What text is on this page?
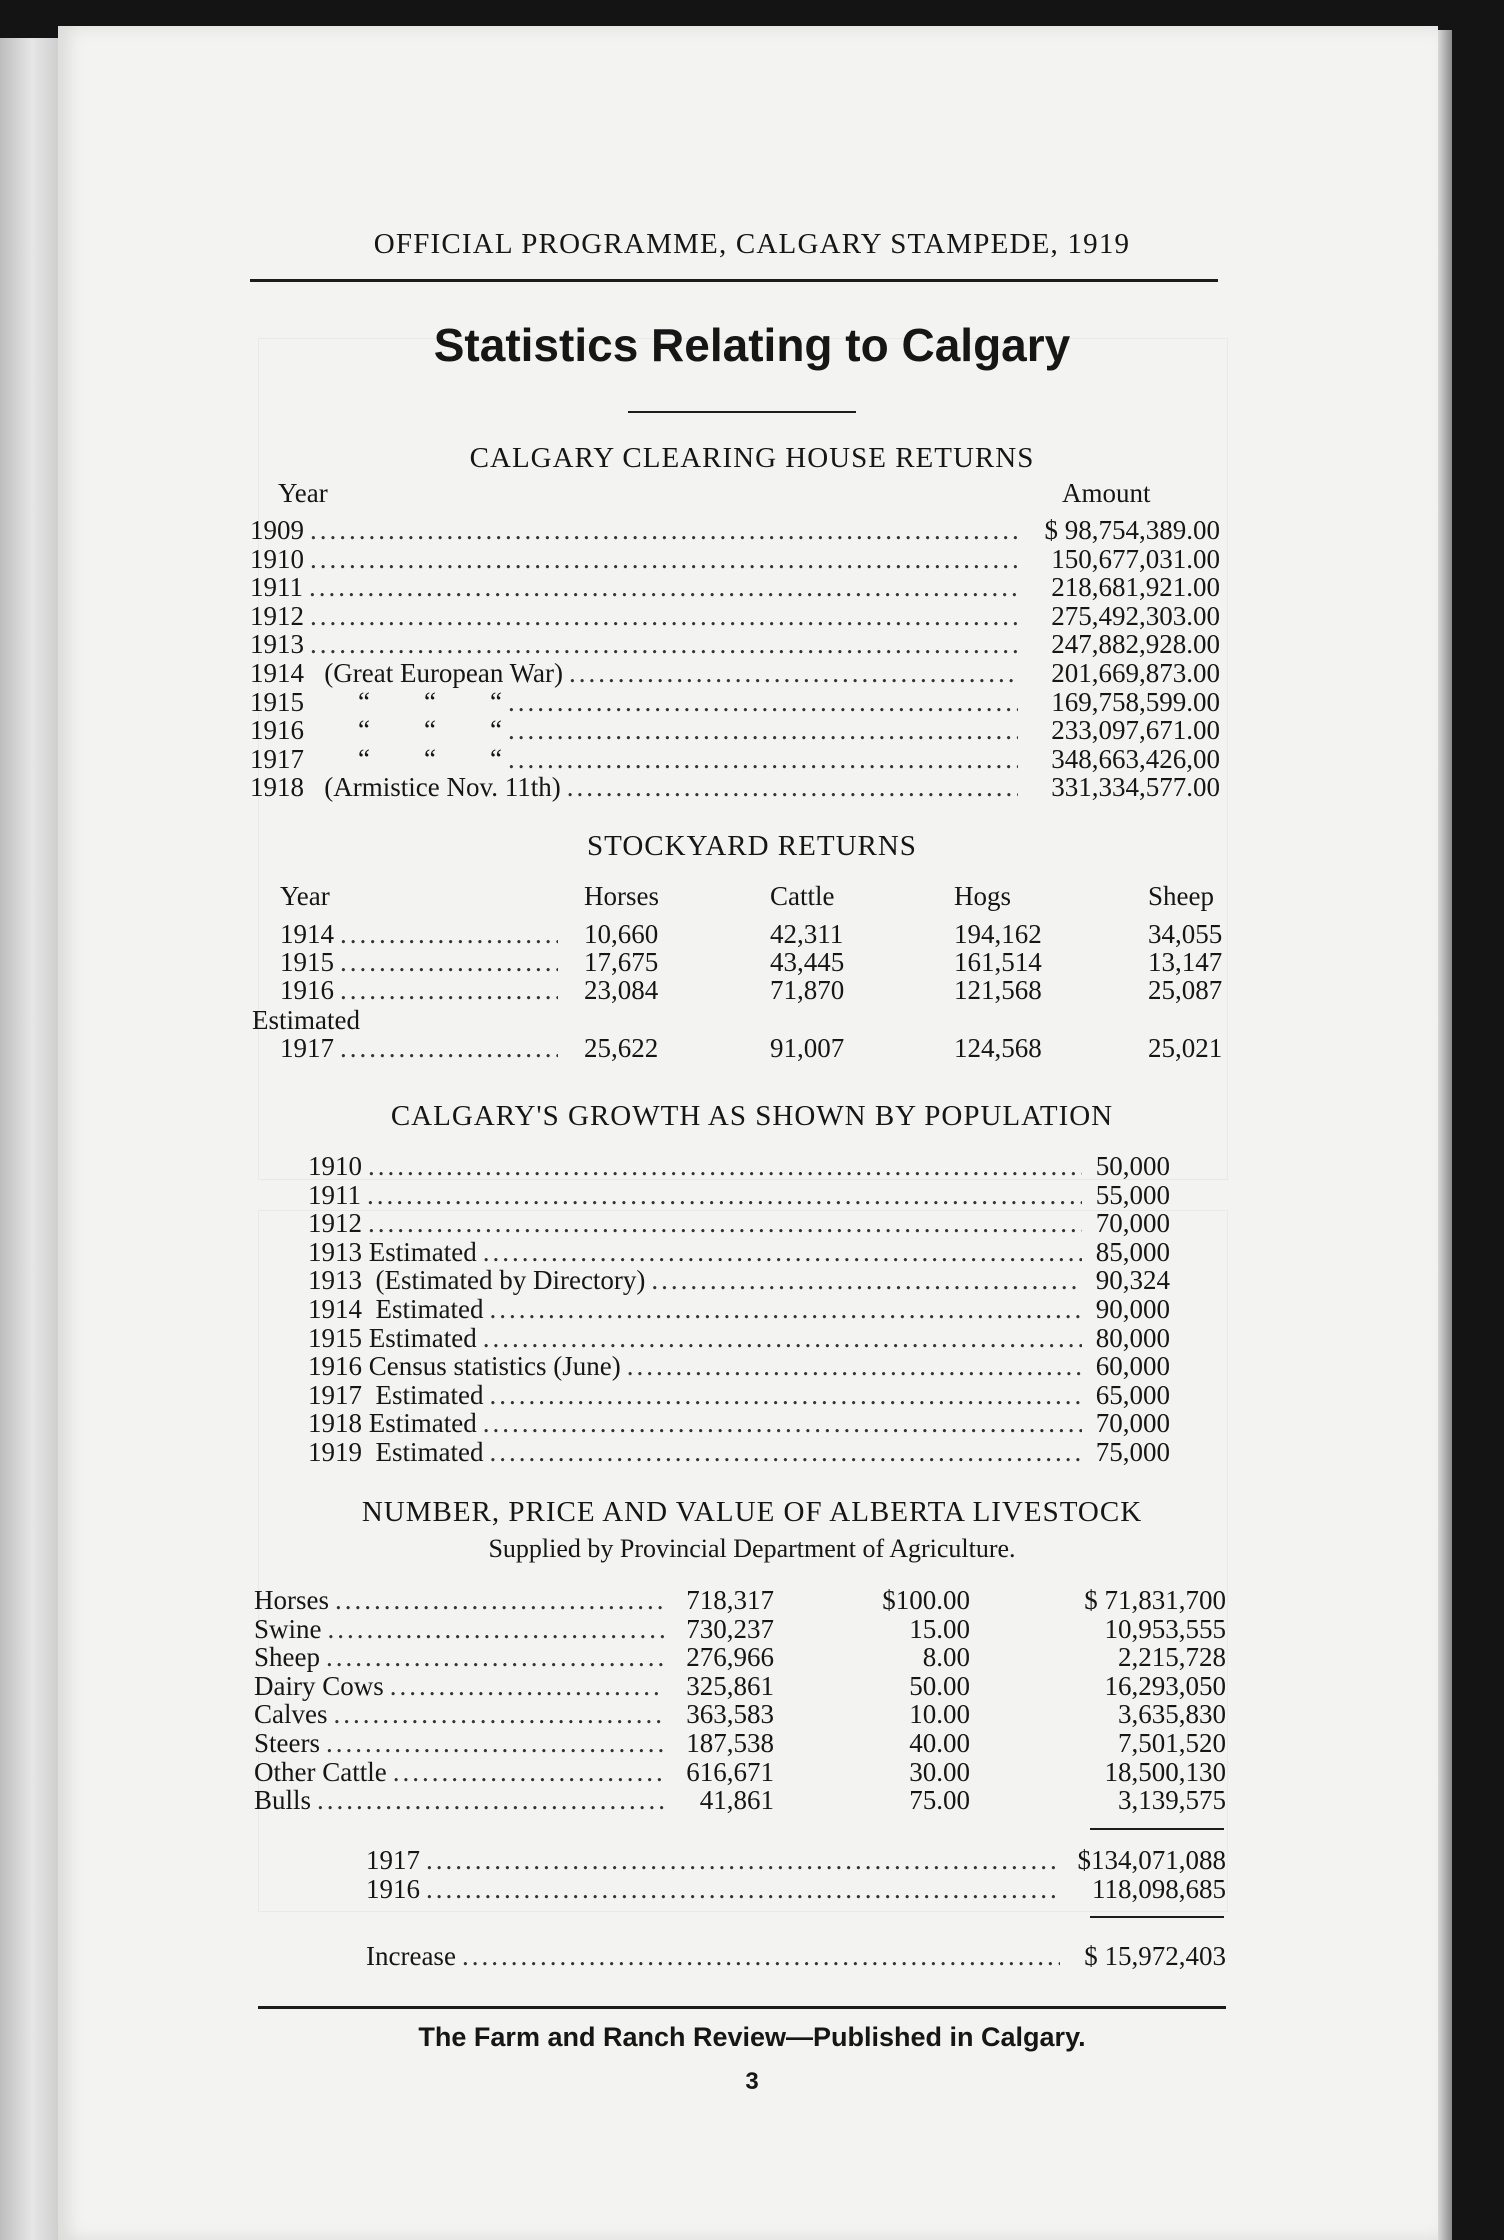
OFFICIAL PROGRAMME, CALGARY STAMPEDE, 1919
Statistics Relating to Calgary
CALGARY CLEARING HOUSE RETURNS
Year	Amount
1909 .....	$ 98,754,389.00
1910 .....	150,677,031.00
1911 .....	218,681,921.00
1912 .....	275,492,303.00
1913 .....	247,882,928.00
1914 (Great European War) .....	201,669,873.00
1915 “        “        “ .....	169,758,599.00
1916 “        “        “ .....	233,097,671.00
1917 “        “        “ .....	348,663,426,00
1918 (Armistice Nov. 11th) .....	331,334,577.00
STOCKYARD RETURNS
Year	Horses	Cattle	Hogs	Sheep
1914 .....	10,660	42,311	194,162	34,055
1915 .....	17,675	43,445	161,514	13,147
1916 .....	23,084	71,870	121,568	25,087
Estimated
1917 .....	25,622	91,007	124,568	25,021
CALGARY'S GROWTH AS SHOWN BY POPULATION
1910 .....	50,000
1911 .....	55,000
1912 .....	70,000
1913 Estimated .....	85,000
1913  (Estimated by Directory) .....	90,324
1914  Estimated .....	90,000
1915 Estimated .....	80,000
1916 Census statistics (June) .....	60,000
1917  Estimated .....	65,000
1918 Estimated .....	70,000
1919  Estimated .....	75,000
NUMBER, PRICE AND VALUE OF ALBERTA LIVESTOCK
Supplied by Provincial Department of Agriculture.
Horses .....	718,317	$100.00	$ 71,831,700
Swine .....	730,237	15.00	10,953,555
Sheep .....	276,966	8.00	2,215,728
Dairy Cows .....	325,861	50.00	16,293,050
Calves .....	363,583	10.00	3,635,830
Steers .....	187,538	40.00	7,501,520
Other Cattle .....	616,671	30.00	18,500,130
Bulls .....	41,861	75.00	3,139,575
1917 .....	$134,071,088
1916 .....	118,098,685
Increase .....	$ 15,972,403
The Farm and Ranch Review—Published in Calgary.
3
